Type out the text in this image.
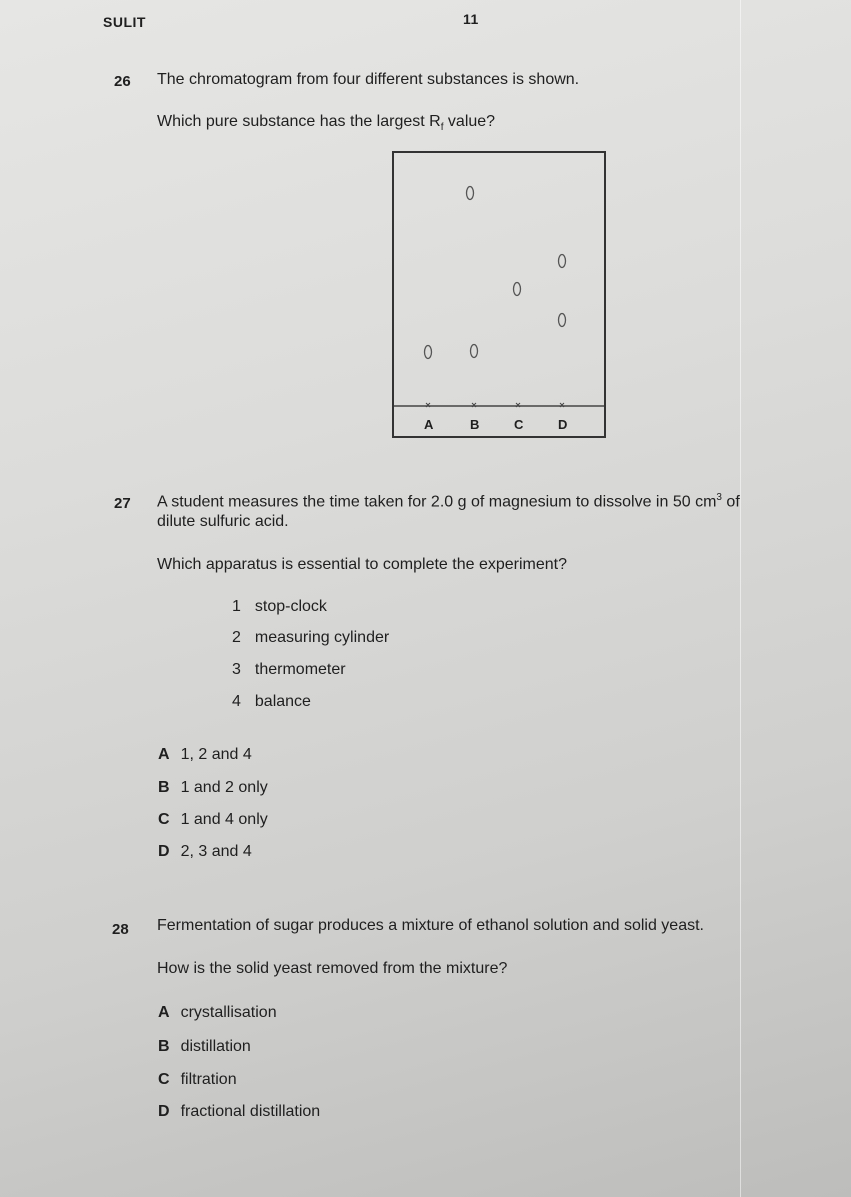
SULIT	11
26 The chromatogram from four different substances is shown.
Which pure substance has the largest $R_f$ value?
A	B	C	D
27 A student measures the time taken for 2.0 g of magnesium to dissolve in 50 $cm^3$ of
dilute sulfuric acid.
Which apparatus is essential to complete the experiment?
1 stop-clock
2 measuring cylinder
3 thermometer
4 balance
A 1, 2 and 4
B 1 and 2 only
C 1 and 4 only
D 2, 3 and 4
28 Fermentation of sugar produces a mixture of ethanol solution and solid yeast.
How is the solid yeast removed from the mixture?
A crystallisation
B distillation
C filtration
D fractional distillation
